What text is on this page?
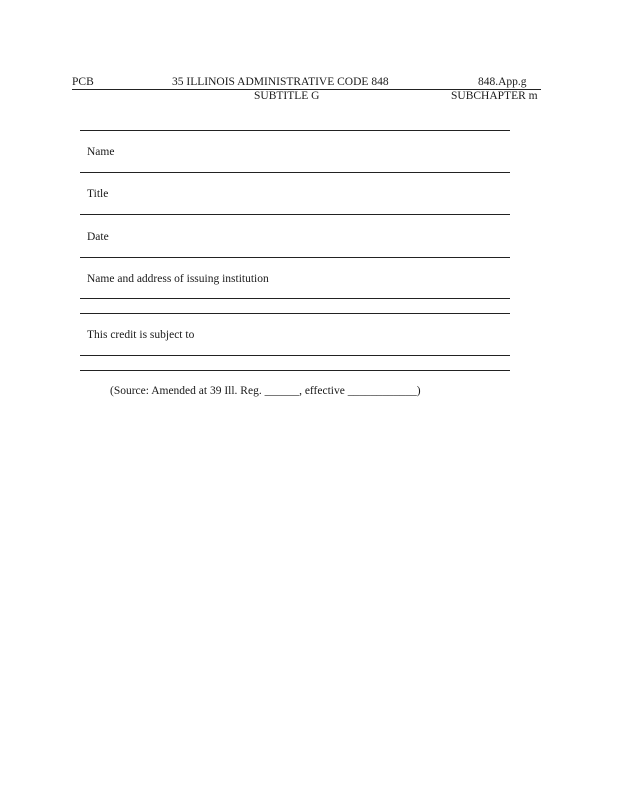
PCB	35 ILLINOIS ADMINISTRATIVE CODE 848	848.App.g
SUBTITLE G	SUBCHAPTER m
Name
Title
Date
Name and address of issuing institution
This credit is subject to
(Source: Amended at 39 Ill. Reg. ______, effective ____________)
